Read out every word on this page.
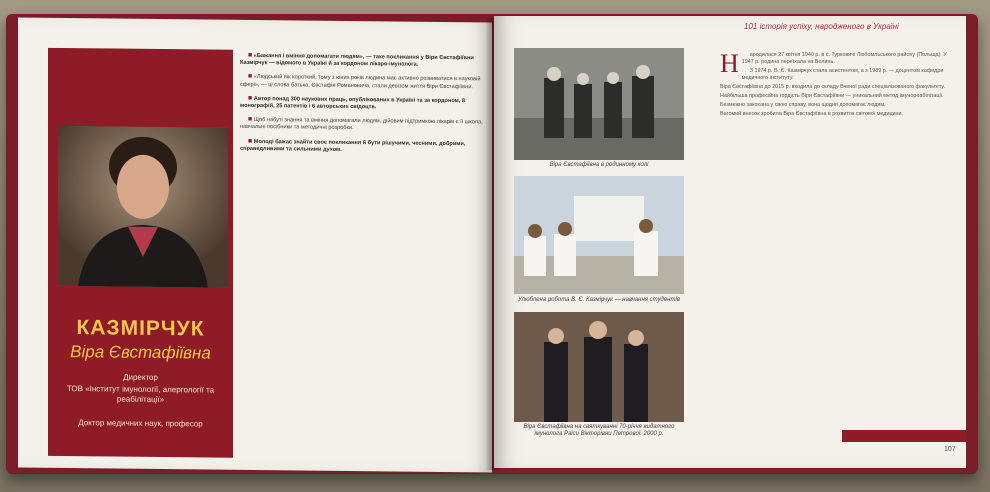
КАЗМІРЧУК
Віра Євстафіївна
Директор
ТОВ «Інститут імунології, алергології та реабілітації»
Доктор медичних наук, професор

■ «Бажання і вміння допомагати людям», — таке покликання у Віри Євстафіївни Казмірчук — відомого в Україні й за кордоном лікаря-імунолога.

■ «Людський вік короткий, тому з юних років людина має активно розвиватися в науковій сфері», — ці слова батька, Євстафія Романовича, стали девізом життя Віри Євстафіївни.

■ Автор понад 300 наукових праць, опублікованих в Україні та за кордоном, 8 монографій, 25 патентів і 6 авторських свідоцтв.

■ Щоб набуті знання та вміння допомагали людям, дійовим підтримкою лікарів є її школа, навчальні посібники та методичні розробки.

■ Молоді бажає знайти своє покликання й бути рішучими, чесними, добрими, справедливими та сильними духом.

101 історія успіху, народженого в Україні
Віра Євстафіївна в родинному колі
Улюблена робота В. Є. Казмірчук — навчання студентів
Віра Євстафіївна на святкуванні 70-річчя видатного імунолога Раїси Вікторівни Петрової. 2000 р.

Н ародилася 27 квітня 1940 р. в с. Турковичі Любомльського району (Польща). У 1947 р. родина переїхала на Волинь.

З 1974 р. В. Є. Казмірчук стала асистентом, а з 1989 р. — доцентом кафедри медичного інституту.

Віра Євстафіївна до 2015 р. входила до складу Вченої ради спеціалізованого факультету.

Найбільша професійна гордість Віри Євстафіївни — уникальний метод імунореабілітації.

Безмежно закохана у свою справу, вона щодня допомагає людям.

Вагомий внесок зробила Віра Євстафіївна в розвиток світової медицини.

107
